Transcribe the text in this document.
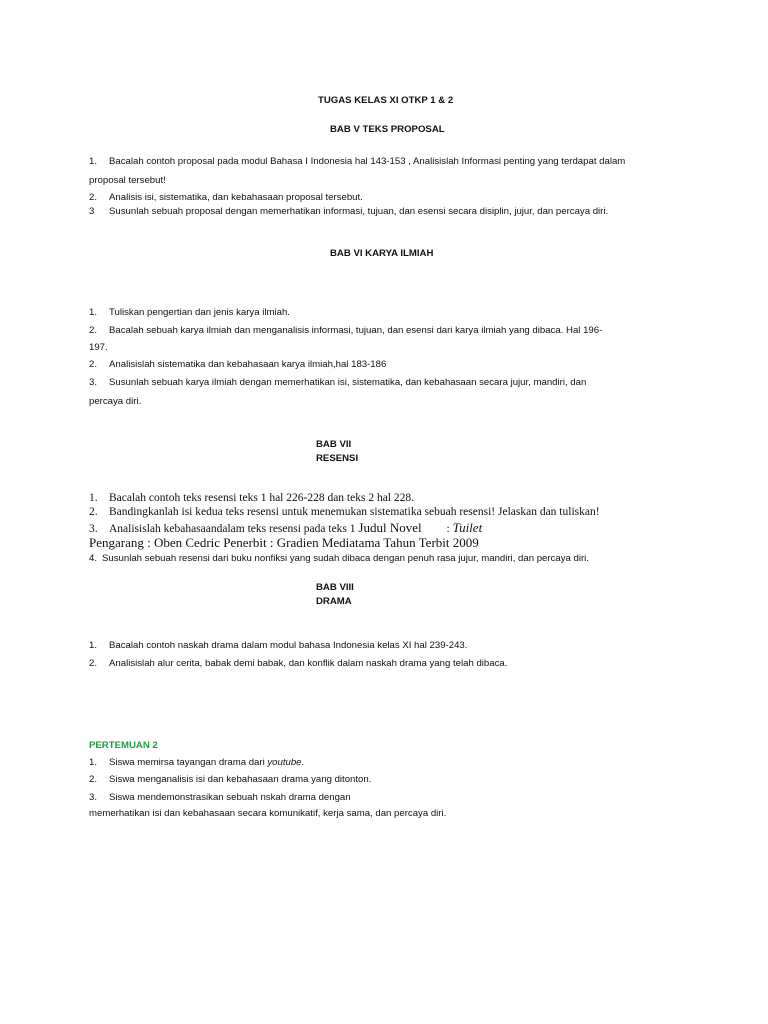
TUGAS KELAS XI OTKP 1 & 2
BAB V TEKS PROPOSAL
1. Bacalah contoh proposal pada modul Bahasa I Indonesia hal 143-153 , Analisislah Informasi penting yang terdapat dalam
proposal tersebut!
2. Analisis isi, sistematika, dan kebahasaan proposal tersebut.
3 Susunlah sebuah proposal dengan memerhatikan informasi, tujuan, dan esensi secara disiplin, jujur, dan percaya diri.
BAB VI KARYA ILMIAH
1. Tuliskan pengertian dan jenis karya ilmiah.
2. Bacalah sebuah karya ilmiah dan menganalisis informasi, tujuan, dan esensi dari karya ilmiah yang dibaca. Hal 196-
197.
2. Analisislah sistematika dan kebahasaan karya ilmiah,hal 183-186
3. Susunlah sebuah karya ilmiah dengan memerhatikan isi, sistematika, dan kebahasaan secara jujur, mandiri, dan
percaya diri.
BAB VII
RESENSI
1. Bacalah contoh teks resensi teks 1 hal 226-228 dan teks 2 hal 228.
2. Bandingkanlah isi kedua teks resensi untuk menemukan sistematika sebuah resensi! Jelaskan dan tuliskan!
3. Analisislah kebahasaandalam teks resensi pada teks 1 Judul Novel : Tuilet
Pengarang : Oben Cedric Penerbit : Gradien Mediatama Tahun Terbit 2009
4. Susunlah sebuah resensi dari buku nonfiksi yang sudah dibaca dengan penuh rasa jujur, mandiri, dan percaya diri.
BAB VIII
DRAMA
1. Bacalah contoh naskah drama dalam modul bahasa Indonesia kelas XI hal 239-243.
2. Analisislah alur cerita, babak demi babak, dan konflik dalam naskah drama yang telah dibaca.
PERTEMUAN 2
1. Siswa memirsa tayangan drama dari youtube.
2. Siswa menganalisis isi dan kebahasaan drama yang ditonton.
3. Siswa mendemonstrasikan sebuah nskah drama dengan
memerhatikan isi dan kebahasaan secara komunikatif, kerja sama, dan percaya diri.
